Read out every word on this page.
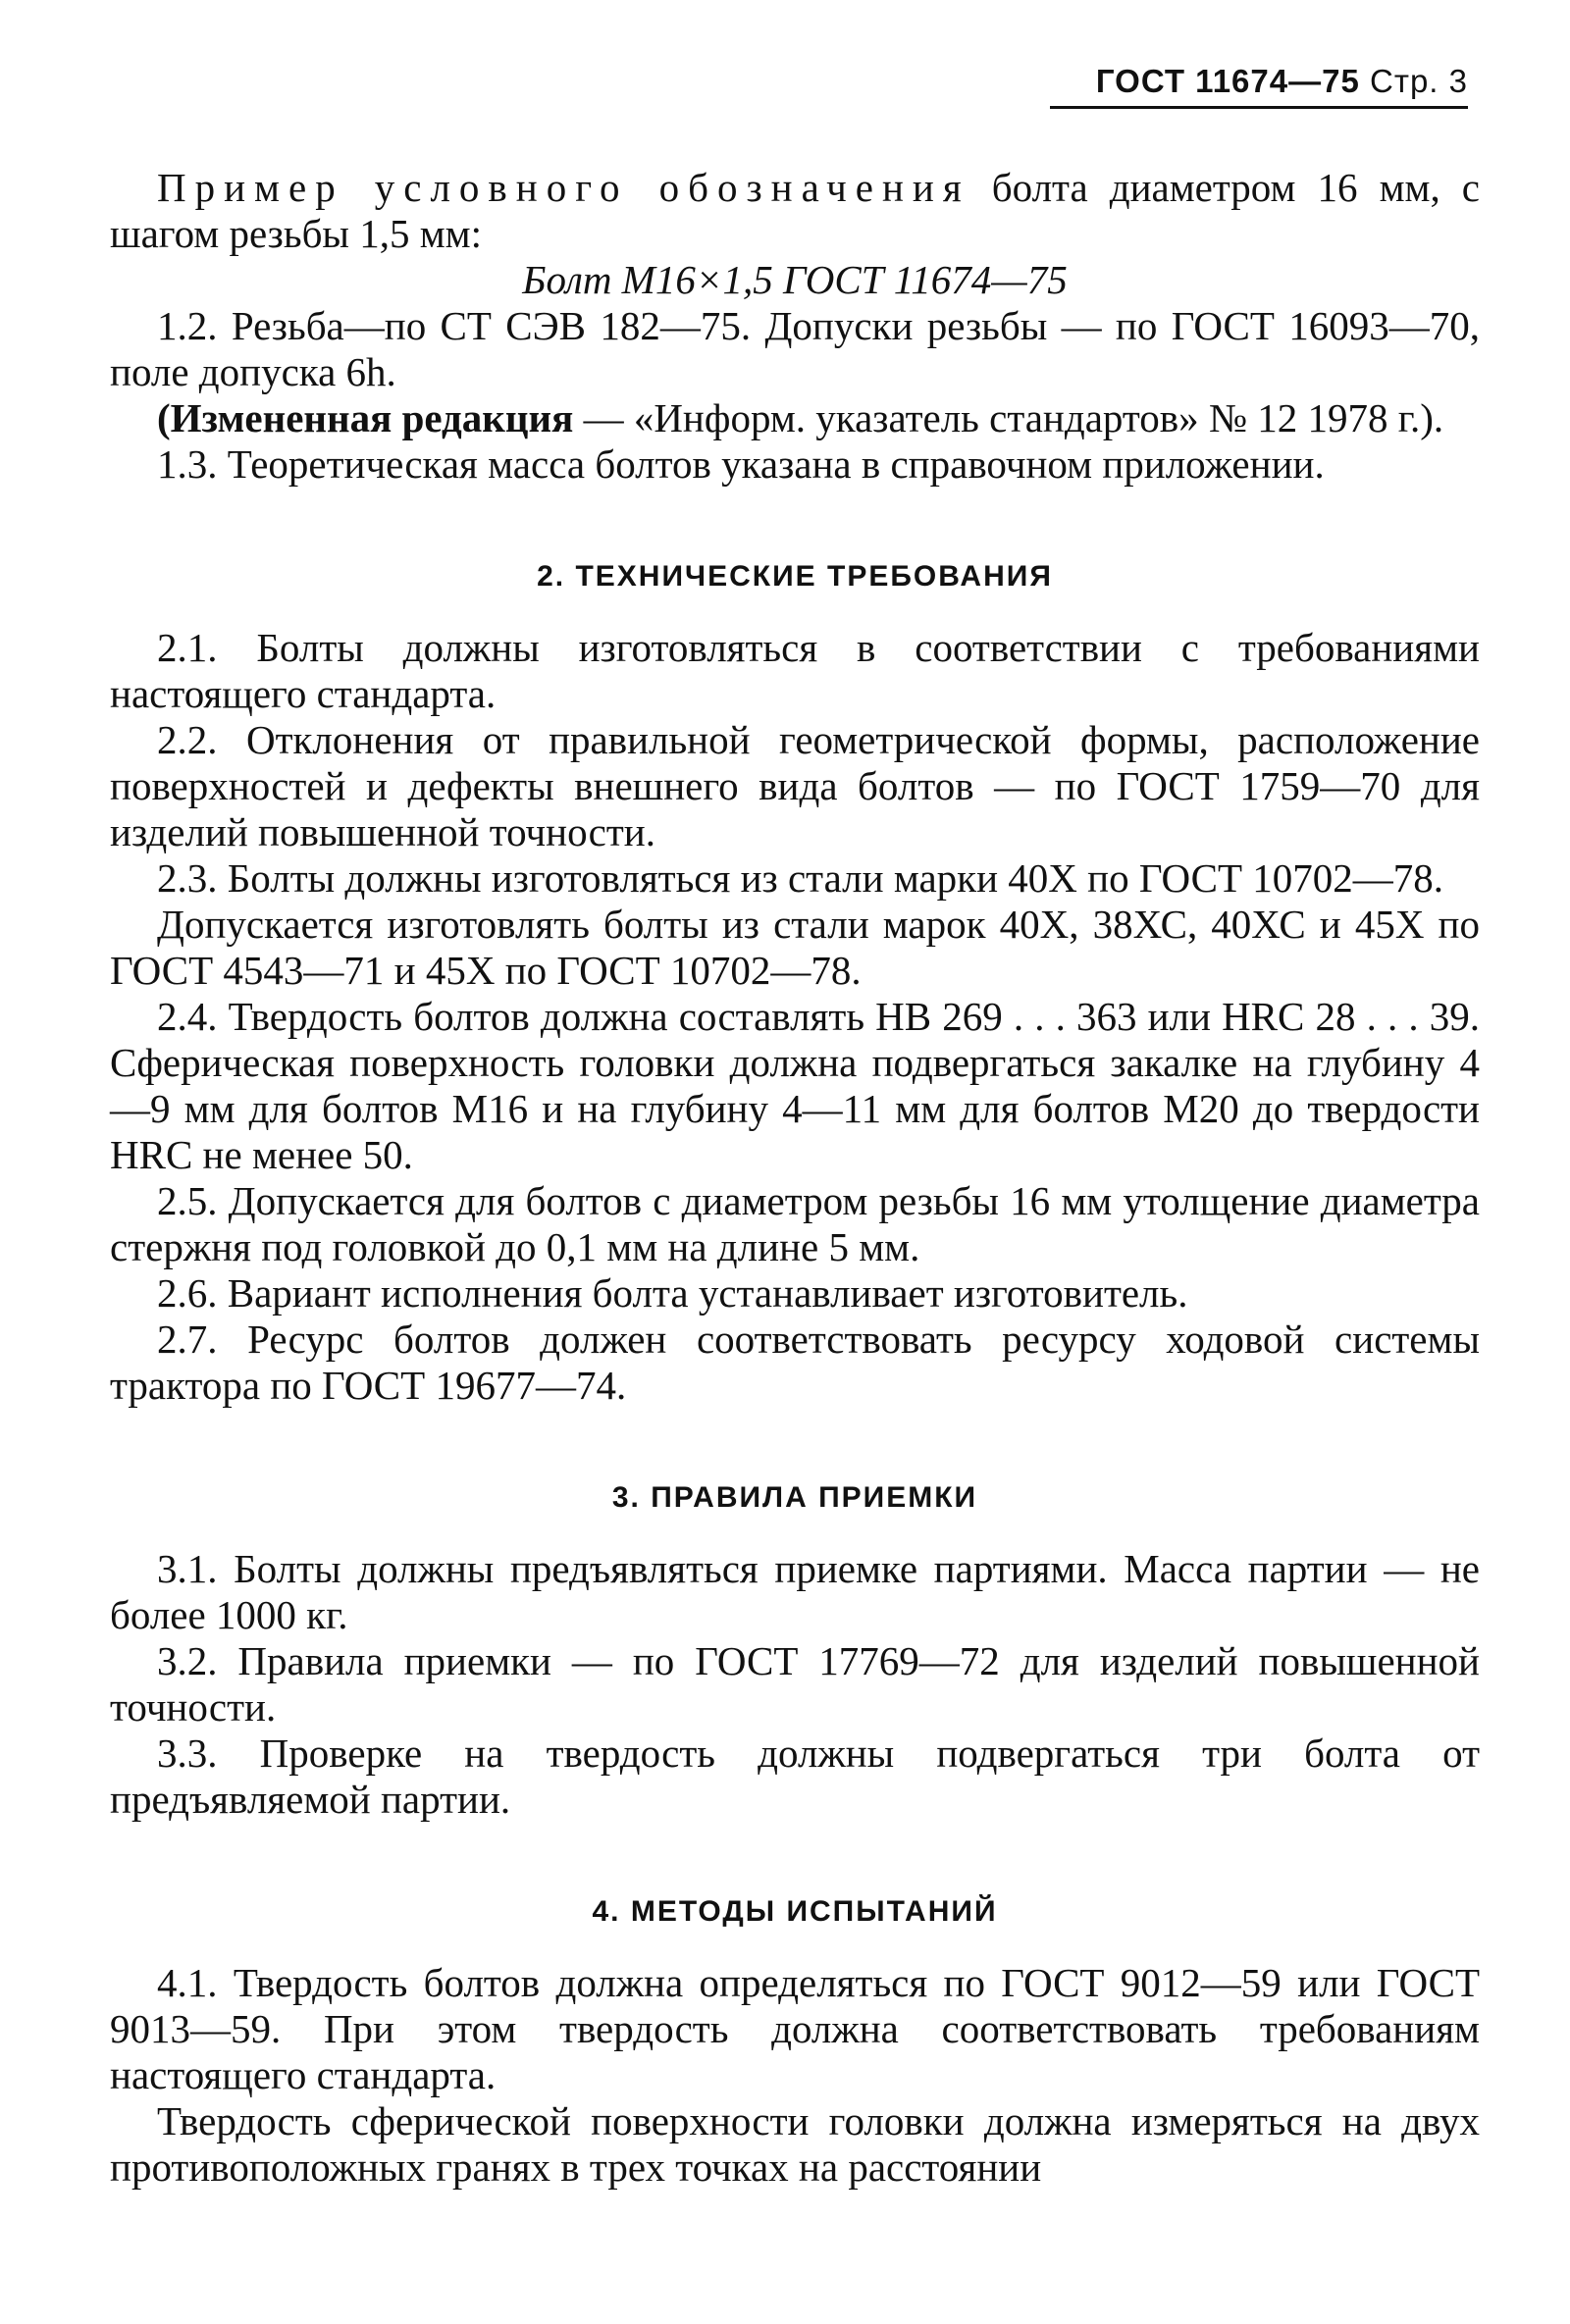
ГОСТ 11674—75 Стр. 3

Пример условного обозначения болта диаметром 16 мм, с шагом резьбы 1,5 мм:

Болт M16×1,5 ГОСТ 11674—75

1.2. Резьба—по СТ СЭВ 182—75. Допуски резьбы — по ГОСТ 16093—70, поле допуска 6h.

(Измененная редакция — «Информ. указатель стандартов» № 12 1978 г.).

1.3. Теоретическая масса болтов указана в справочном приложении.

2. ТЕХНИЧЕСКИЕ ТРЕБОВАНИЯ

2.1. Болты должны изготовляться в соответствии с требованиями настоящего стандарта.

2.2. Отклонения от правильной геометрической формы, расположение поверхностей и дефекты внешнего вида болтов — по ГОСТ 1759—70 для изделий повышенной точности.

2.3. Болты должны изготовляться из стали марки 40Х по ГОСТ 10702—78.

Допускается изготовлять болты из стали марок 40Х, 38ХС, 40ХС и 45Х по ГОСТ 4543—71 и 45Х по ГОСТ 10702—78.

2.4. Твердость болтов должна составлять НВ 269 . . . 363 или HRC 28 . . . 39. Сферическая поверхность головки должна подвергаться закалке на глубину 4—9 мм для болтов M16 и на глубину 4—11 мм для болтов М20 до твердости HRC не менее 50.

2.5. Допускается для болтов с диаметром резьбы 16 мм утолщение диаметра стержня под головкой до 0,1 мм на длине 5 мм.

2.6. Вариант исполнения болта устанавливает изготовитель.

2.7. Ресурс болтов должен соответствовать ресурсу ходовой системы трактора по ГОСТ 19677—74.

3. ПРАВИЛА ПРИЕМКИ

3.1. Болты должны предъявляться приемке партиями. Масса партии — не более 1000 кг.

3.2. Правила приемки — по ГОСТ 17769—72 для изделий повышенной точности.

3.3. Проверке на твердость должны подвергаться три болта от предъявляемой партии.

4. МЕТОДЫ ИСПЫТАНИЙ

4.1. Твердость болтов должна определяться по ГОСТ 9012—59 или ГОСТ 9013—59. При этом твердость должна соответствовать требованиям настоящего стандарта.

Твердость сферической поверхности головки должна измеряться на двух противоположных гранях в трех точках на расстоянии
